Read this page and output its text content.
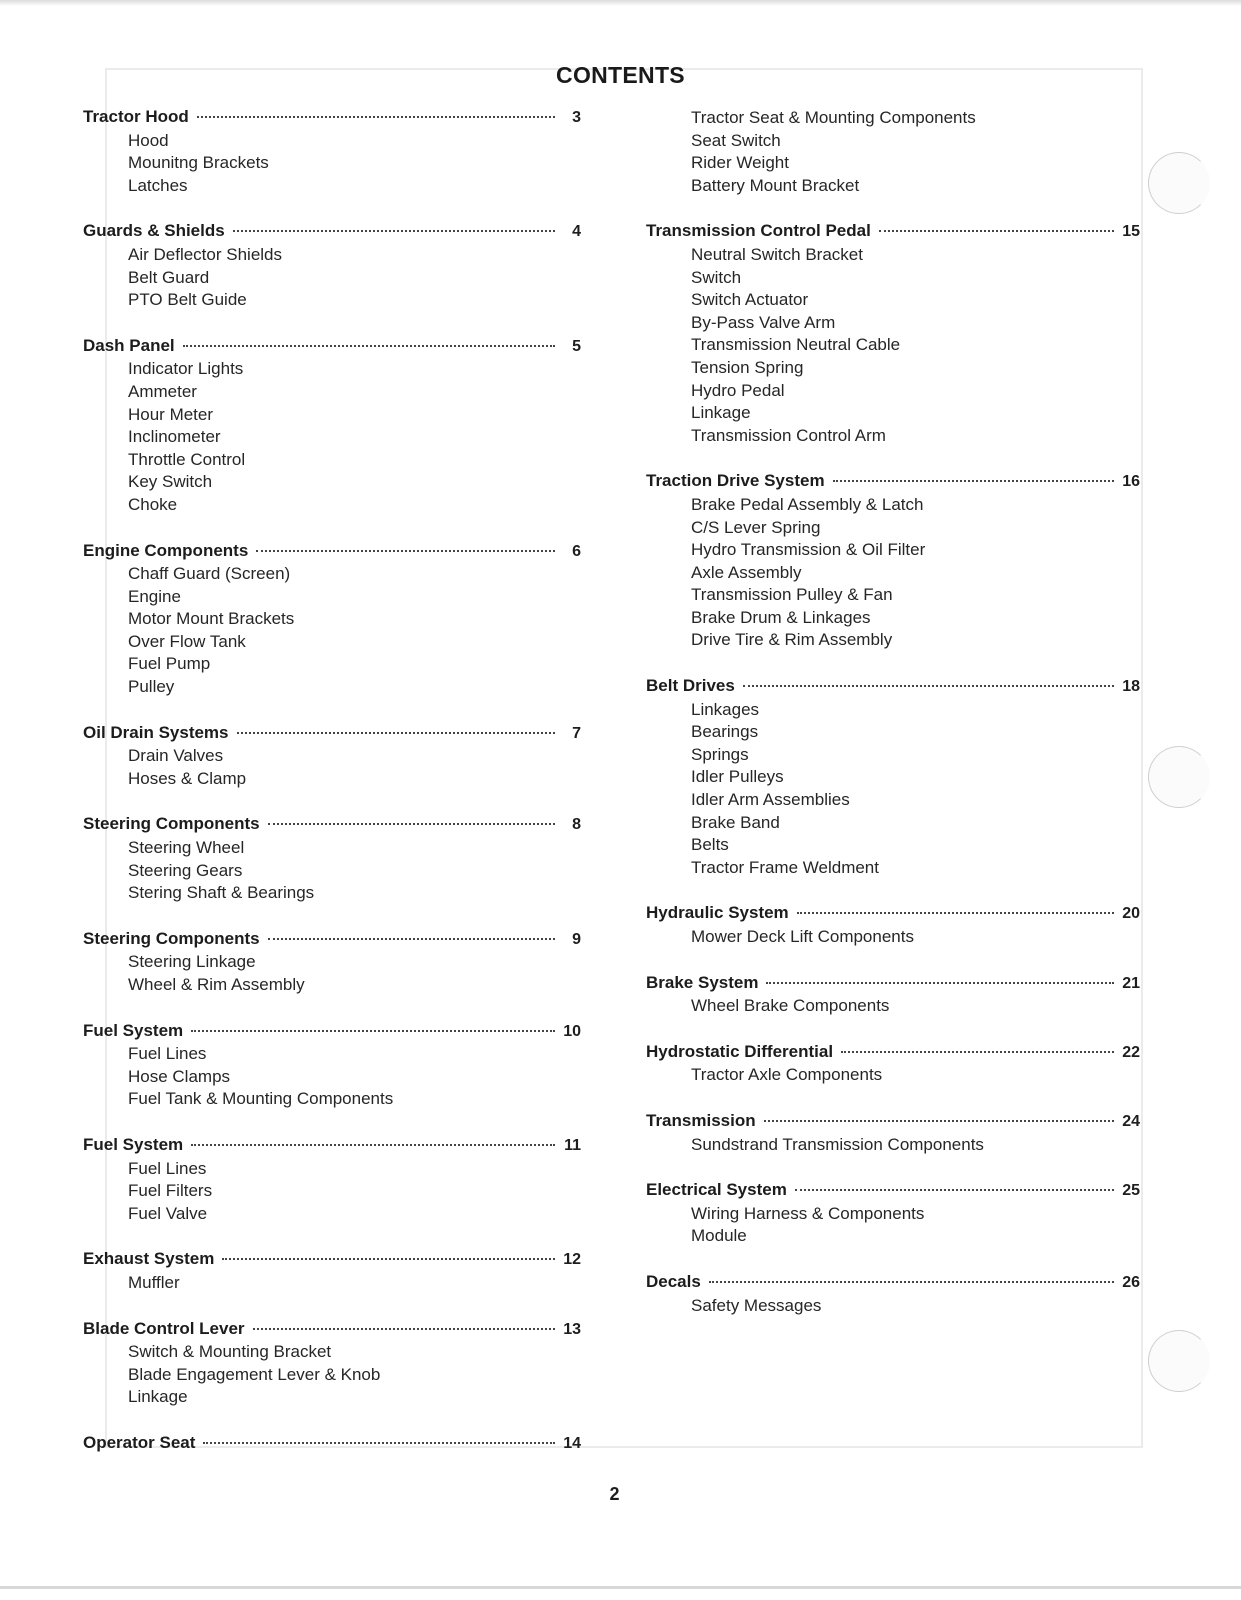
CONTENTS
Tractor Hood	3
Hood
Mounitng Brackets
Latches
Guards & Shields	4
Air Deflector Shields
Belt Guard
PTO Belt Guide
Dash Panel	5
Indicator Lights
Ammeter
Hour Meter
Inclinometer
Throttle Control
Key Switch
Choke
Engine Components	6
Chaff Guard (Screen)
Engine
Motor Mount Brackets
Over Flow Tank
Fuel Pump
Pulley
Oil Drain Systems	7
Drain Valves
Hoses & Clamp
Steering Components	8
Steering Wheel
Steering Gears
Stering Shaft & Bearings
Steering Components	9
Steering Linkage
Wheel & Rim Assembly
Fuel System	10
Fuel Lines
Hose Clamps
Fuel Tank & Mounting Components
Fuel System	11
Fuel Lines
Fuel Filters
Fuel Valve
Exhaust System	12
Muffler
Blade Control Lever	13
Switch & Mounting Bracket
Blade Engagement Lever & Knob
Linkage
Operator Seat	14
Tractor Seat & Mounting Components
Seat Switch
Rider Weight
Battery Mount Bracket
Transmission Control Pedal	15
Neutral Switch Bracket
Switch
Switch Actuator
By-Pass Valve Arm
Transmission Neutral Cable
Tension Spring
Hydro Pedal
Linkage
Transmission Control Arm
Traction Drive System	16
Brake Pedal Assembly & Latch
C/S Lever Spring
Hydro Transmission & Oil Filter
Axle Assembly
Transmission Pulley & Fan
Brake Drum & Linkages
Drive Tire & Rim Assembly
Belt Drives	18
Linkages
Bearings
Springs
Idler Pulleys
Idler Arm Assemblies
Brake Band
Belts
Tractor Frame Weldment
Hydraulic System	20
Mower Deck Lift Components
Brake System	21
Wheel Brake Components
Hydrostatic Differential	22
Tractor Axle Components
Transmission	24
Sundstrand Transmission Components
Electrical System	25
Wiring Harness & Components
Module
Decals	26
Safety Messages
2
